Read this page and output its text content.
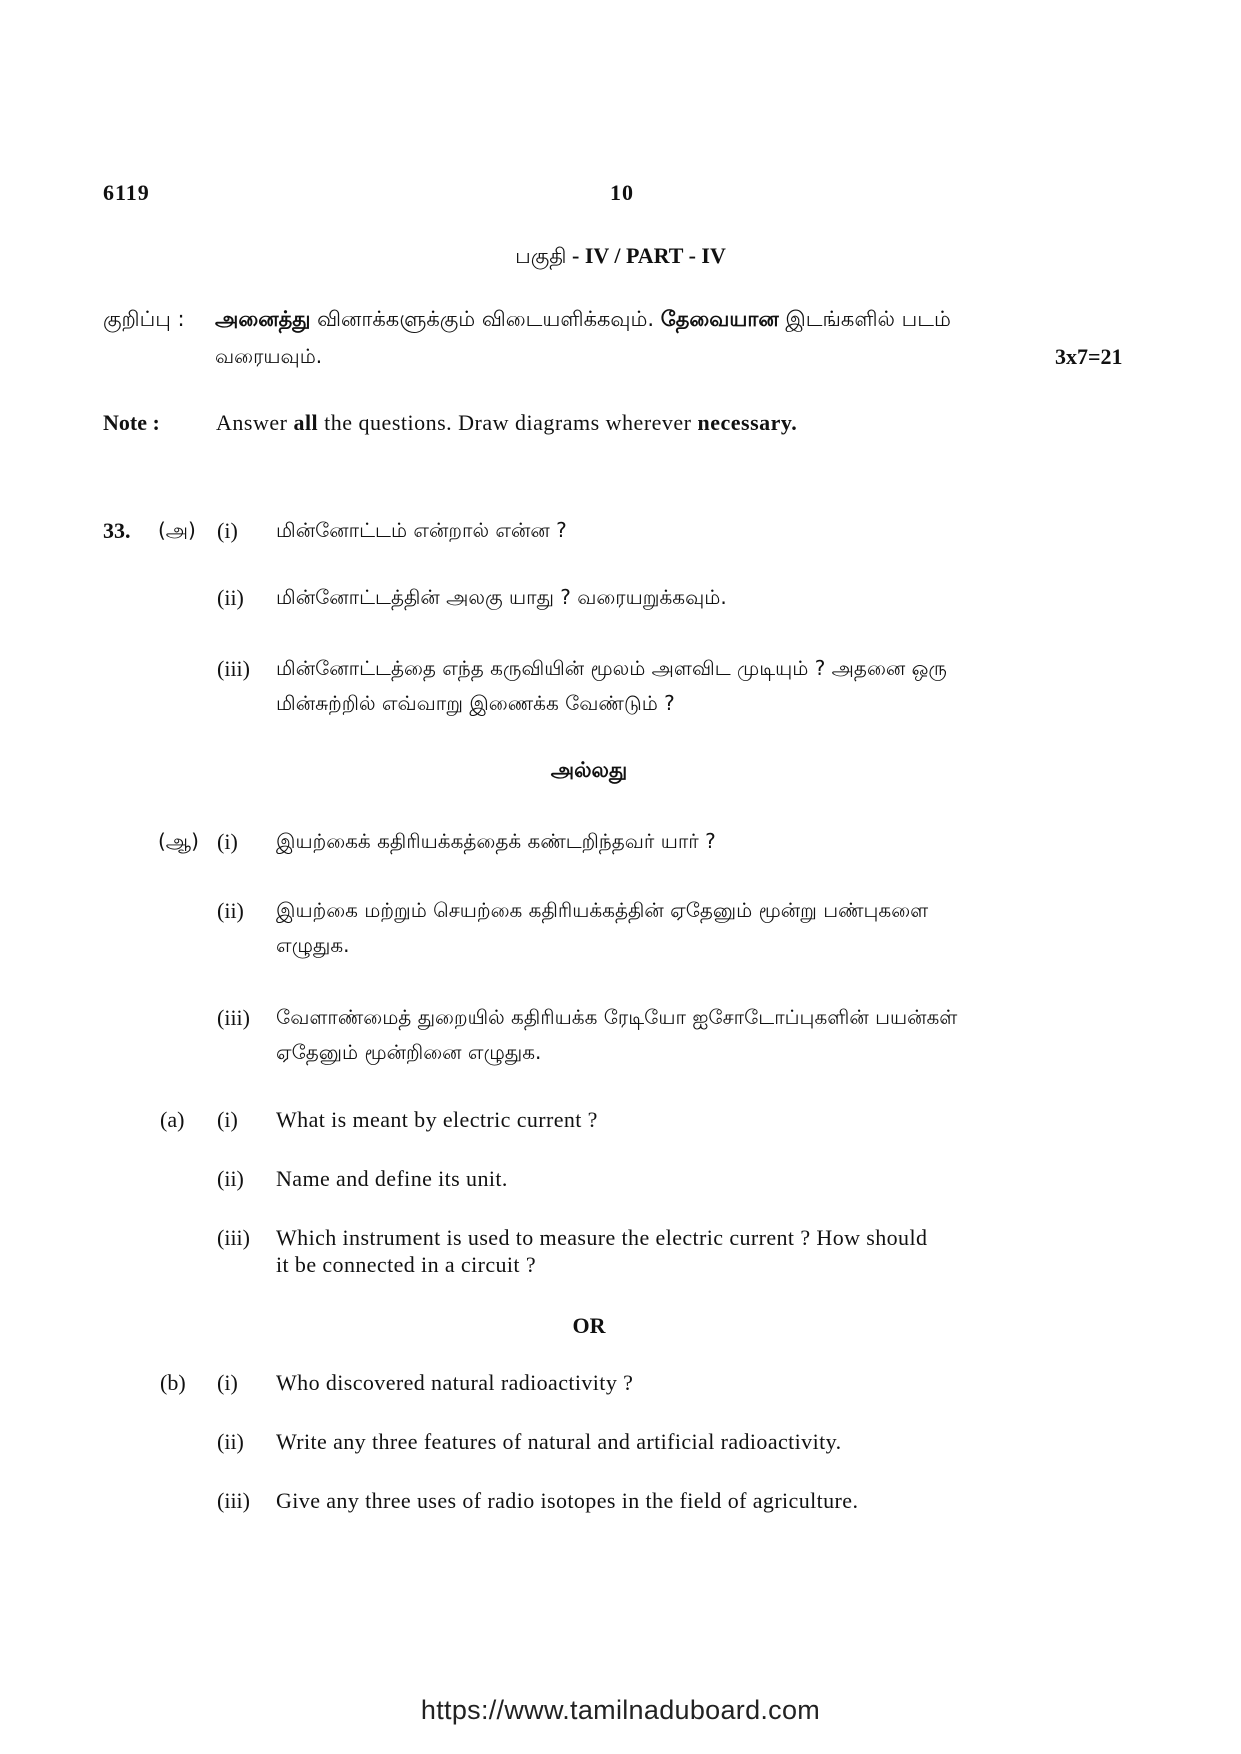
6119	10
பகுதி - IV / PART - IV
குறிப்பு : அனைத்து வினாக்களுக்கும் விடையளிக்கவும். தேவையான இடங்களில் படம்
வரையவும்.	3x7=21
Note :	Answer all the questions. Draw diagrams wherever necessary.
33. (அ) (i) மின்னோட்டம் என்றால் என்ன ?
(ii) மின்னோட்டத்தின் அலகு யாது ? வரையறுக்கவும்.
(iii) மின்னோட்டத்தை எந்த கருவியின் மூலம் அளவிட முடியும் ? அதனை ஒரு
மின்சுற்றில் எவ்வாறு இணைக்க வேண்டும் ?
அல்லது
(ஆ) (i) இயற்கைக் கதிரியக்கத்தைக் கண்டறிந்தவர் யார் ?
(ii) இயற்கை மற்றும் செயற்கை கதிரியக்கத்தின் ஏதேனும் மூன்று பண்புகளை
எழுதுக.
(iii) வேளாண்மைத் துறையில் கதிரியக்க ரேடியோ ஐசோடோப்புகளின் பயன்கள்
ஏதேனும் மூன்றினை எழுதுக.
(a) (i) What is meant by electric current ?
(ii) Name and define its unit.
(iii) Which instrument is used to measure the electric current ? How should
it be connected in a circuit ?
OR
(b) (i) Who discovered natural radioactivity ?
(ii) Write any three features of natural and artificial radioactivity.
(iii) Give any three uses of radio isotopes in the field of agriculture.
https://www.tamilnaduboard.com
